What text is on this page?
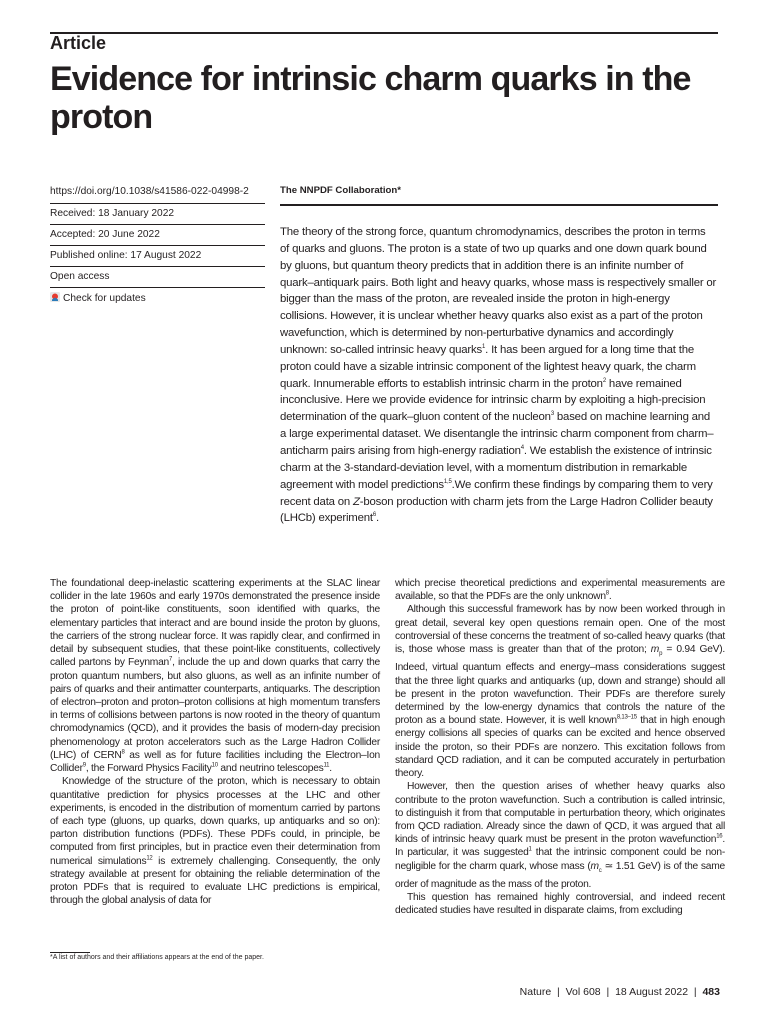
Article
Evidence for intrinsic charm quarks in the proton
https://doi.org/10.1038/s41586-022-04998-2
Received: 18 January 2022
Accepted: 20 June 2022
Published online: 17 August 2022
Open access
Check for updates
The NNPDF Collaboration*
The theory of the strong force, quantum chromodynamics, describes the proton in terms of quarks and gluons. The proton is a state of two up quarks and one down quark bound by gluons, but quantum theory predicts that in addition there is an infinite number of quark–antiquark pairs. Both light and heavy quarks, whose mass is respectively smaller or bigger than the mass of the proton, are revealed inside the proton in high-energy collisions. However, it is unclear whether heavy quarks also exist as a part of the proton wavefunction, which is determined by non-perturbative dynamics and accordingly unknown: so-called intrinsic heavy quarks$^1$. It has been argued for a long time that the proton could have a sizable intrinsic component of the lightest heavy quark, the charm quark. Innumerable efforts to establish intrinsic charm in the proton$^2$ have remained inconclusive. Here we provide evidence for intrinsic charm by exploiting a high-precision determination of the quark–gluon content of the nucleon$^3$ based on machine learning and a large experimental dataset. We disentangle the intrinsic charm component from charm–anticharm pairs arising from high-energy radiation$^4$. We establish the existence of intrinsic charm at the 3-standard-deviation level, with a momentum distribution in remarkable agreement with model predictions$^{1,5}$.We confirm these findings by comparing them to very recent data on Z-boson production with charm jets from the Large Hadron Collider beauty (LHCb) experiment$^6$.

The foundational deep-inelastic scattering experiments at the SLAC linear collider in the late 1960s and early 1970s demonstrated the presence inside the proton of point-like constituents, soon identified with quarks, the elementary particles that interact and are bound inside the proton by gluons, the carriers of the strong nuclear force. It was rapidly clear, and confirmed in detail by subsequent studies, that these point-like constituents, collectively called partons by Feynman$^7$, include the up and down quarks that carry the proton quantum numbers, but also gluons, as well as an infinite number of pairs of quarks and their antimatter counterparts, antiquarks. The description of electron–proton and proton–proton collisions at high momentum transfers in terms of collisions between partons is now rooted in the theory of quantum chromodynamics (QCD), and it provides the basis of modern-day precision phenomenology at proton accelerators such as the Large Hadron Collider (LHC) of CERN$^8$ as well as for future facilities including the Electron–Ion Collider$^9$, the Forward Physics Facility$^{10}$ and neutrino telescopes$^{11}$.

Knowledge of the structure of the proton, which is necessary to obtain quantitative prediction for physics processes at the LHC and other experiments, is encoded in the distribution of momentum carried by partons of each type (gluons, up quarks, down quarks, up antiquarks and so on): parton distribution functions (PDFs). These PDFs could, in principle, be computed from first principles, but in practice even their determination from numerical simulations$^{12}$ is extremely challenging. Consequently, the only strategy available at present for obtaining the reliable determination of the proton PDFs that is required to evaluate LHC predictions is empirical, through the global analysis of data for

which precise theoretical predictions and experimental measurements are available, so that the PDFs are the only unknown$^8$.

Although this successful framework has by now been worked through in great detail, several key open questions remain open. One of the most controversial of these concerns the treatment of so-called heavy quarks (that is, those whose mass is greater than that of the proton; $m_p = 0.94$ GeV). Indeed, virtual quantum effects and energy–mass considerations suggest that the three light quarks and antiquarks (up, down and strange) should all be present in the proton wavefunction. Their PDFs are therefore surely determined by the low-energy dynamics that controls the nature of the proton as a bound state. However, it is well known$^{8,13-15}$ that in high enough energy collisions all species of quarks can be excited and hence observed inside the proton, so their PDFs are nonzero. This excitation follows from standard QCD radiation, and it can be computed accurately in perturbation theory.

However, then the question arises of whether heavy quarks also contribute to the proton wavefunction. Such a contribution is called intrinsic, to distinguish it from that computable in perturbation theory, which originates from QCD radiation. Already since the dawn of QCD, it was argued that all kinds of intrinsic heavy quark must be present in the proton wavefunction$^{16}$. In particular, it was suggested$^1$ that the intrinsic component could be non-negligible for the charm quark, whose mass ($m_c$ ≃ 1.51 GeV) is of the same order of magnitude as the mass of the proton.

This question has remained highly controversial, and indeed recent dedicated studies have resulted in disparate claims, from excluding

*A list of authors and their affiliations appears at the end of the paper.
Nature | Vol 608 | 18 August 2022 | 483
